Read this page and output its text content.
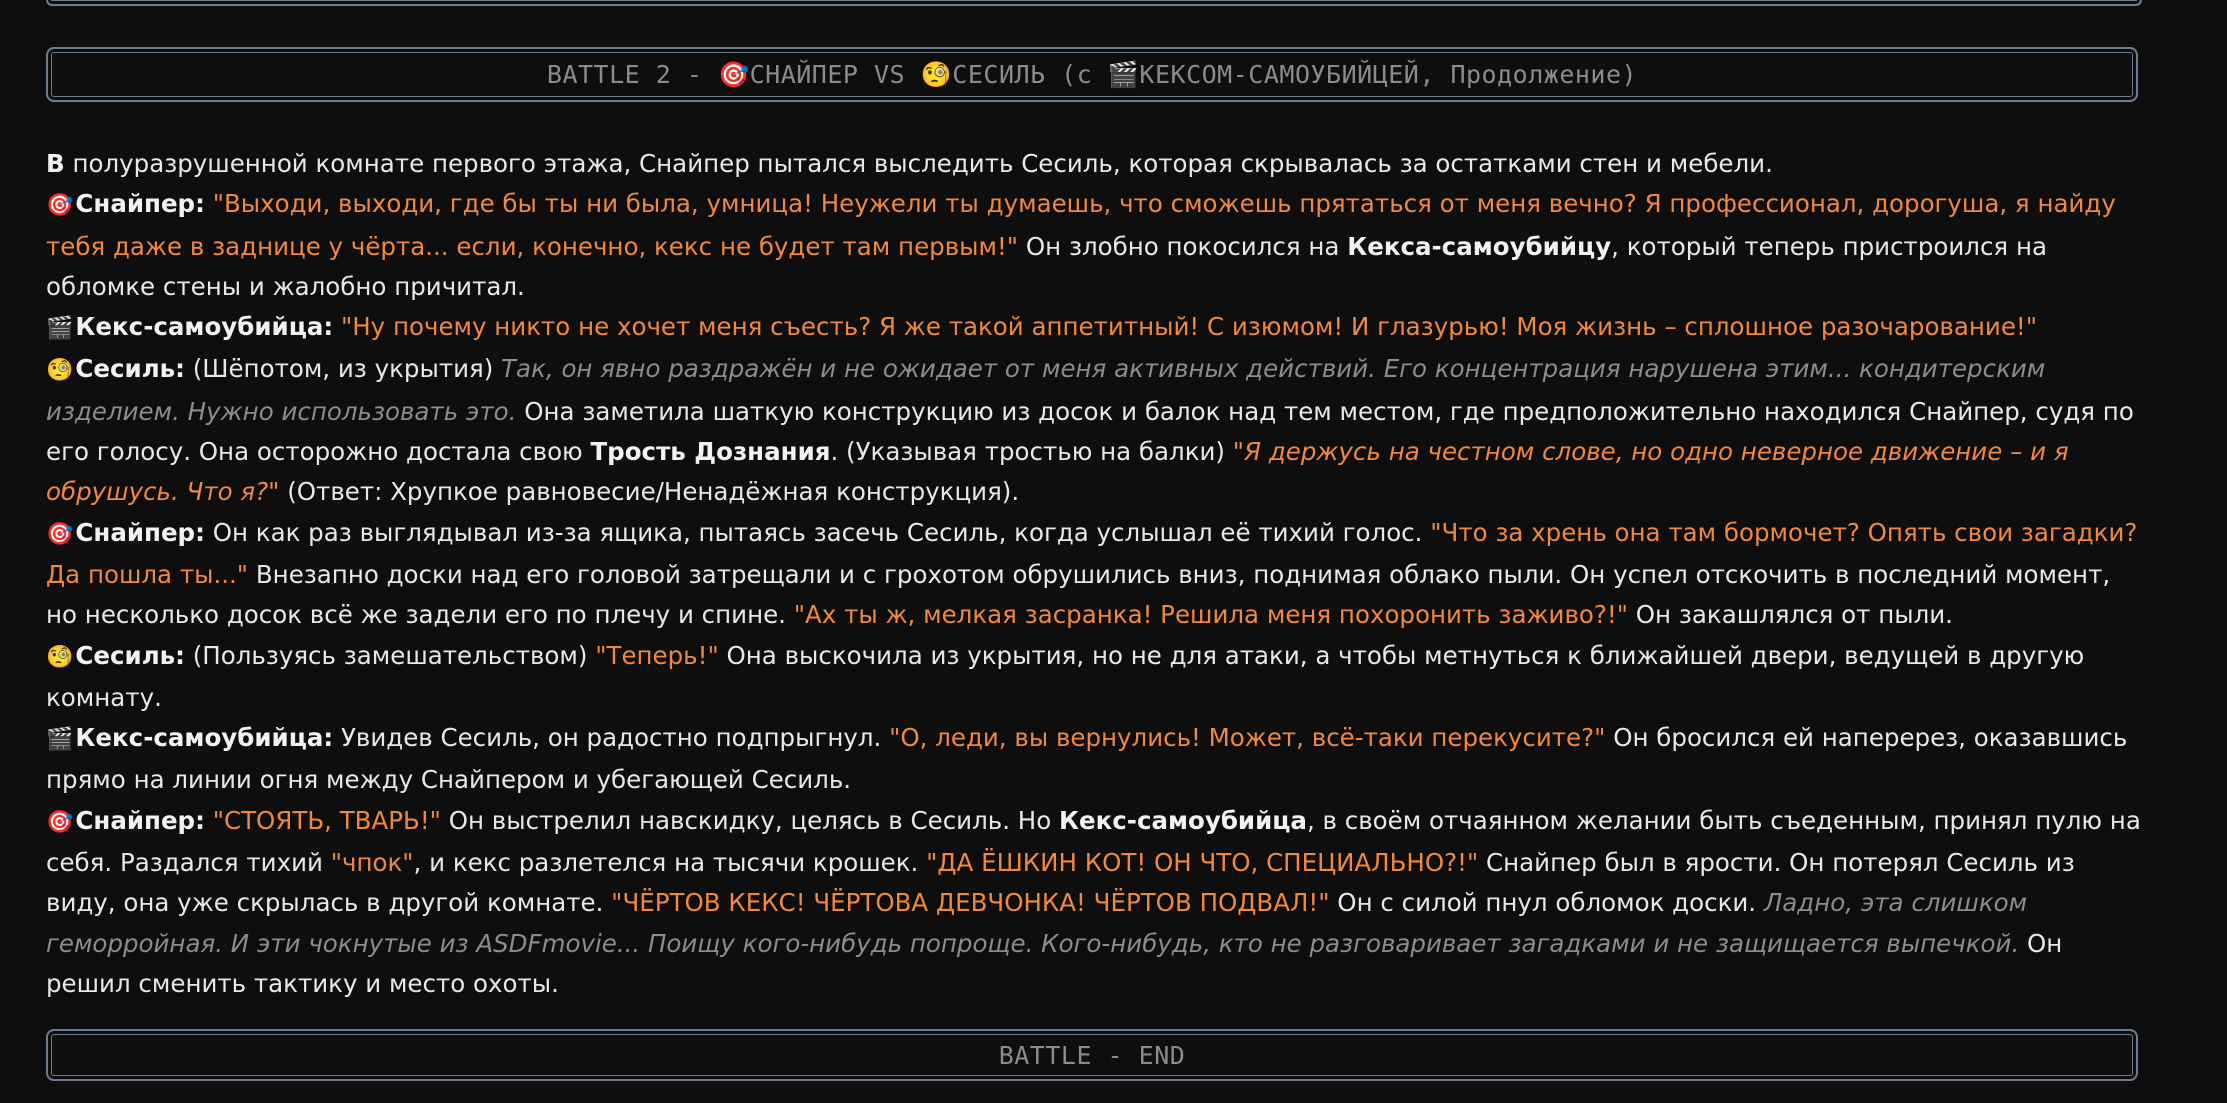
BATTLE 2 - 🎯СНАЙПЕР VS 🧐СЕСИЛЬ (с 🎬КЕКСОМ-САМОУБИЙЦЕЙ, Продолжение)

В полуразрушенной комнате первого этажа, Снайпер пытался выследить Сесиль, которая скрывалась за остатками стен и мебели.

🎯Снайпер: "Выходи, выходи, где бы ты ни была, умница! Неужели ты думаешь, что сможешь прятаться от меня вечно? Я профессионал, дорогуша, я найду тебя даже в заднице у чёрта... если, конечно, кекс не будет там первым!" Он злобно покосился на Кекса-самоубийцу, который теперь пристроился на обломке стены и жалобно причитал.

🎬Кекс-самоубийца: "Ну почему никто не хочет меня съесть? Я же такой аппетитный! С изюмом! И глазурью! Моя жизнь – сплошное разочарование!"

🧐Сесиль: (Шёпотом, из укрытия) Так, он явно раздражён и не ожидает от меня активных действий. Его концентрация нарушена этим... кондитерским изделием. Нужно использовать это. Она заметила шаткую конструкцию из досок и балок над тем местом, где предположительно находился Снайпер, судя по его голосу. Она осторожно достала свою Трость Дознания. (Указывая тростью на балки) "Я держусь на честном слове, но одно неверное движение – и я обрушусь. Что я?" (Ответ: Хрупкое равновесие/Ненадёжная конструкция).

🎯Снайпер: Он как раз выглядывал из-за ящика, пытаясь засечь Сесиль, когда услышал её тихий голос. "Что за хрень она там бормочет? Опять свои загадки? Да пошла ты..." Внезапно доски над его головой затрещали и с грохотом обрушились вниз, поднимая облако пыли. Он успел отскочить в последний момент, но несколько досок всё же задели его по плечу и спине. "Ах ты ж, мелкая засранка! Решила меня похоронить заживо?!" Он закашлялся от пыли.

🧐Сесиль: (Пользуясь замешательством) "Теперь!" Она выскочила из укрытия, но не для атаки, а чтобы метнуться к ближайшей двери, ведущей в другую комнату.

🎬Кекс-самоубийца: Увидев Сесиль, он радостно подпрыгнул. "О, леди, вы вернулись! Может, всё-таки перекусите?" Он бросился ей наперерез, оказавшись прямо на линии огня между Снайпером и убегающей Сесиль.

🎯Снайпер: "СТОЯТЬ, ТВАРЬ!" Он выстрелил навскидку, целясь в Сесиль. Но Кекс-самоубийца, в своём отчаянном желании быть съеденным, принял пулю на себя. Раздался тихий "чпок", и кекс разлетелся на тысячи крошек. "ДА ЁШКИН КОТ! ОН ЧТО, СПЕЦИАЛЬНО?!" Снайпер был в ярости. Он потерял Сесиль из виду, она уже скрылась в другой комнате. "ЧЁРТОВ КЕКС! ЧЁРТОВА ДЕВЧОНКА! ЧЁРТОВ ПОДВАЛ!" Он с силой пнул обломок доски. Ладно, эта слишком геморройная. И эти чокнутые из ASDFmovie... Поищу кого-нибудь попроще. Кого-нибудь, кто не разговаривает загадками и не защищается выпечкой. Он решил сменить тактику и место охоты.

BATTLE - END
